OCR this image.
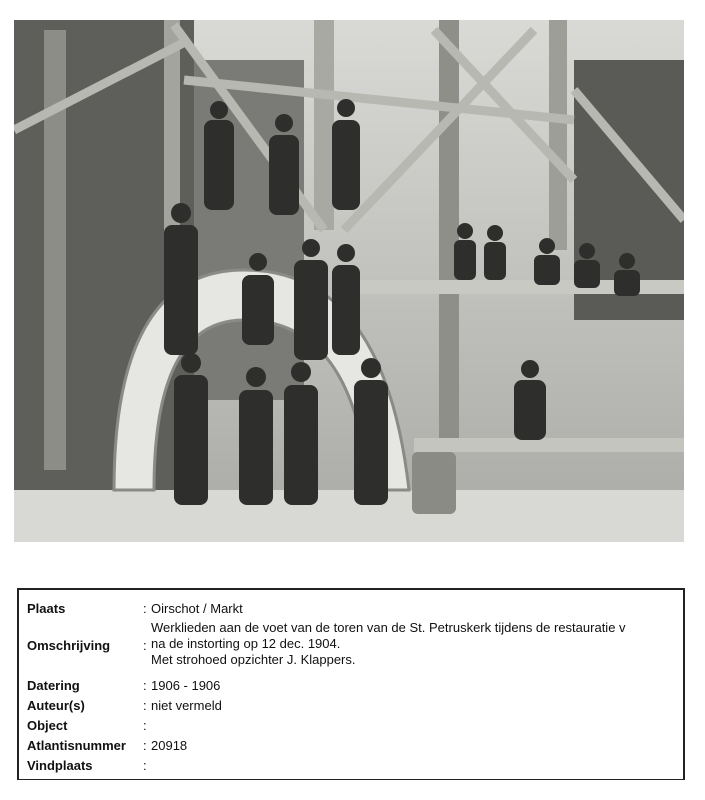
Plaats	: Oirschot / Markt
Omschrijving	:
Werklieden aan de voet van de toren van de St. Petruskerk tijdens de restauratie v
na de instorting op 12 dec. 1904.
Met strohoed opzichter J. Klappers.
Datering	: 1906 - 1906
Auteur(s)	: niet vermeld
Object	:
Atlantisnummer : 20918
Vindplaats	:
